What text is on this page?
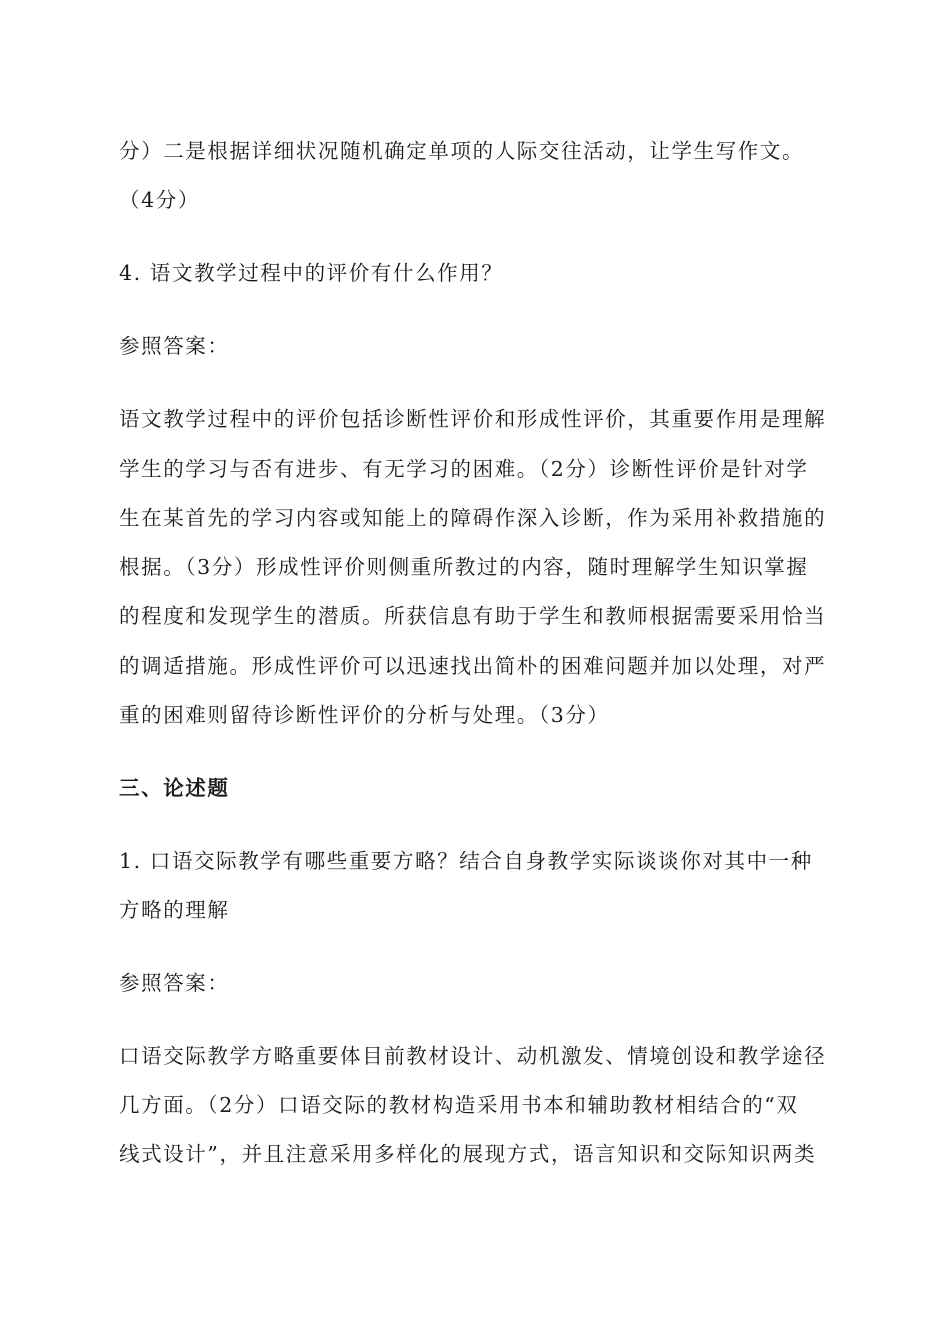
分）二是根据详细状况随机确定单项的人际交往活动，让学生写作文。

（4分）

4. 语文教学过程中的评价有什么作用？

参照答案：

语文教学过程中的评价包括诊断性评价和形成性评价，其重要作用是理解

学生的学习与否有进步、有无学习的困难。（2分）诊断性评价是针对学

生在某首先的学习内容或知能上的障碍作深入诊断，作为采用补救措施的

根据。（3分）形成性评价则侧重所教过的内容，随时理解学生知识掌握

的程度和发现学生的潜质。所获信息有助于学生和教师根据需要采用恰当

的调适措施。形成性评价可以迅速找出简朴的困难问题并加以处理，对严

重的困难则留待诊断性评价的分析与处理。（3分）

三、论述题

1. 口语交际教学有哪些重要方略？结合自身教学实际谈谈你对其中一种

方略的理解

参照答案：

口语交际教学方略重要体目前教材设计、动机激发、情境创设和教学途径

几方面。（2分）口语交际的教材构造采用书本和辅助教材相结合的“双

线式设计”，并且注意采用多样化的展现方式，语言知识和交际知识两类
